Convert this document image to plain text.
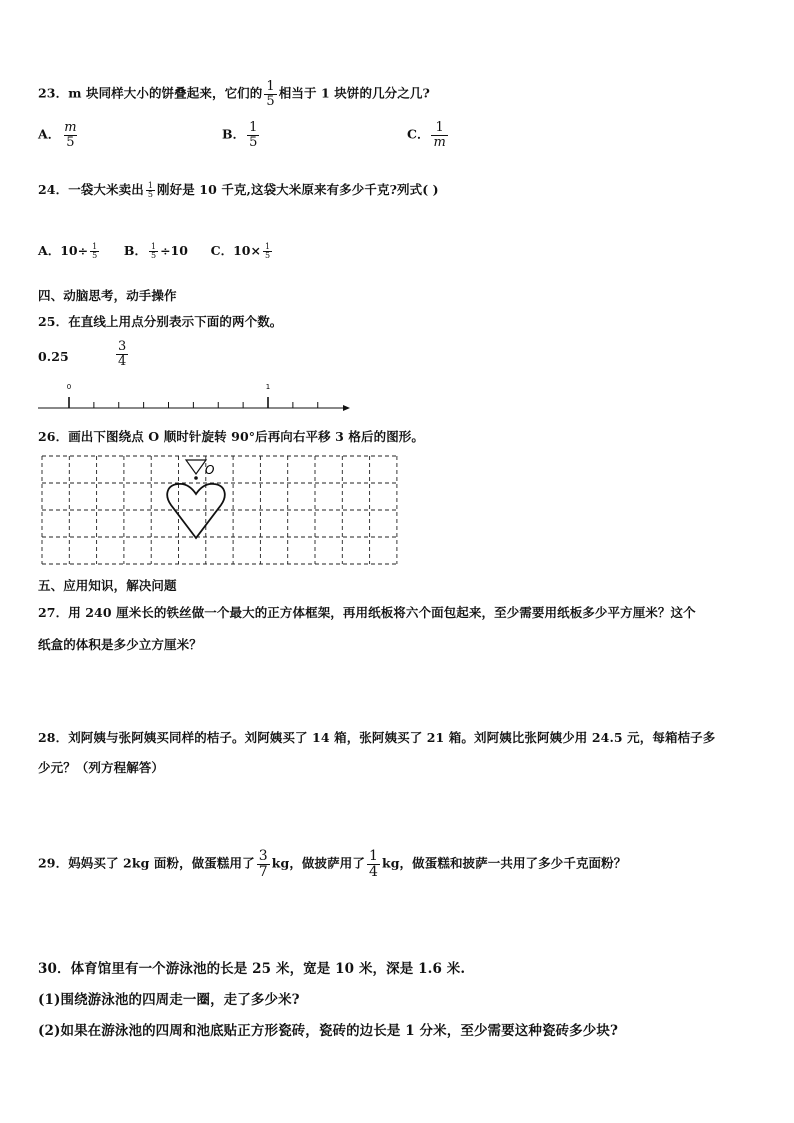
23．m 块同样大小的饼叠起来，它们的 $\frac{1}{5}$ 相当于 1 块饼的几分之几?
A． $\frac{m}{5}$	B． $\frac{1}{5}$	C． $\frac{1}{m}$
24．一袋大米卖出 $\frac{1}{5}$ 刚好是 10 千克,这袋大米原来有多少千克?列式( )
A．$10\div \frac{1}{5}$ B． $\frac{1}{5} \div 10$ C．$10\times \frac{1}{5}$
四、动脑思考，动手操作
25．在直线上用点分别表示下面的两个数。
0.25	$\frac{3}{4}$
0	1
26．画出下图绕点 O 顺时针旋转 90°后再向右平移 3 格后的图形。
O
五、应用知识，解决问题
27．用 240 厘米长的铁丝做一个最大的正方体框架，再用纸板将六个面包起来，至少需要用纸板多少平方厘米？这个
纸盒的体积是多少立方厘米？
28．刘阿姨与张阿姨买同样的桔子。刘阿姨买了 14 箱，张阿姨买了 21 箱。刘阿姨比张阿姨少用 24.5 元，每箱桔子多
少元？（列方程解答）
29．妈妈买了 2kg 面粉，做蛋糕用了 $\frac{3}{7}$ kg，做披萨用了 $\frac{1}{4}$ kg，做蛋糕和披萨一共用了多少千克面粉？
30．体育馆里有一个游泳池的长是 25 米，宽是 10 米，深是 1.6 米.
(1)围绕游泳池的四周走一圈，走了多少米?
(2)如果在游泳池的四周和池底贴正方形瓷砖，瓷砖的边长是 1 分米，至少需要这种瓷砖多少块?
